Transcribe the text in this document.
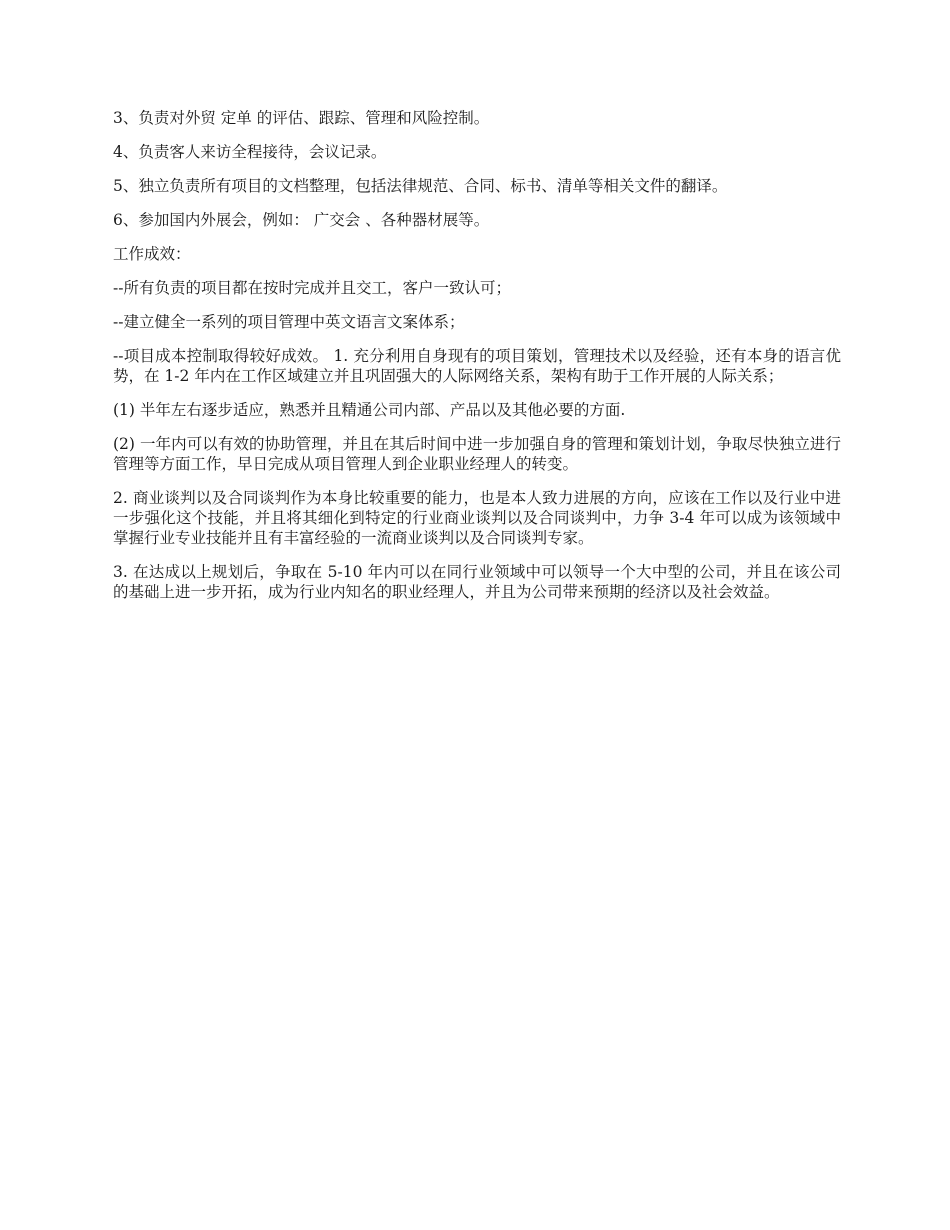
3、负责对外贸 定单 的评估、跟踪、管理和风险控制。

4、负责客人来访全程接待，会议记录。

5、独立负责所有项目的文档整理，包括法律规范、合同、标书、清单等相关文件的翻译。

6、参加国内外展会，例如： 广交会 、各种器材展等。

工作成效：

--所有负责的项目都在按时完成并且交工，客户一致认可；

--建立健全一系列的项目管理中英文语言文案体系；

--项目成本控制取得较好成效。 1. 充分利用自身现有的项目策划，管理技术以及经验，还有本身的语言优势，在 1-2 年内在工作区域建立并且巩固强大的人际网络关系，架构有助于工作开展的人际关系；

(1) 半年左右逐步适应，熟悉并且精通公司内部、产品以及其他必要的方面.

(2) 一年内可以有效的协助管理，并且在其后时间中进一步加强自身的管理和策划计划，争取尽快独立进行管理等方面工作，早日完成从项目管理人到企业职业经理人的转变。

2. 商业谈判以及合同谈判作为本身比较重要的能力，也是本人致力进展的方向，应该在工作以及行业中进一步强化这个技能，并且将其细化到特定的行业商业谈判以及合同谈判中，力争 3-4 年可以成为该领域中掌握行业专业技能并且有丰富经验的一流商业谈判以及合同谈判专家。

3. 在达成以上规划后，争取在 5-10 年内可以在同行业领域中可以领导一个大中型的公司，并且在该公司的基础上进一步开拓，成为行业内知名的职业经理人，并且为公司带来预期的经济以及社会效益。
